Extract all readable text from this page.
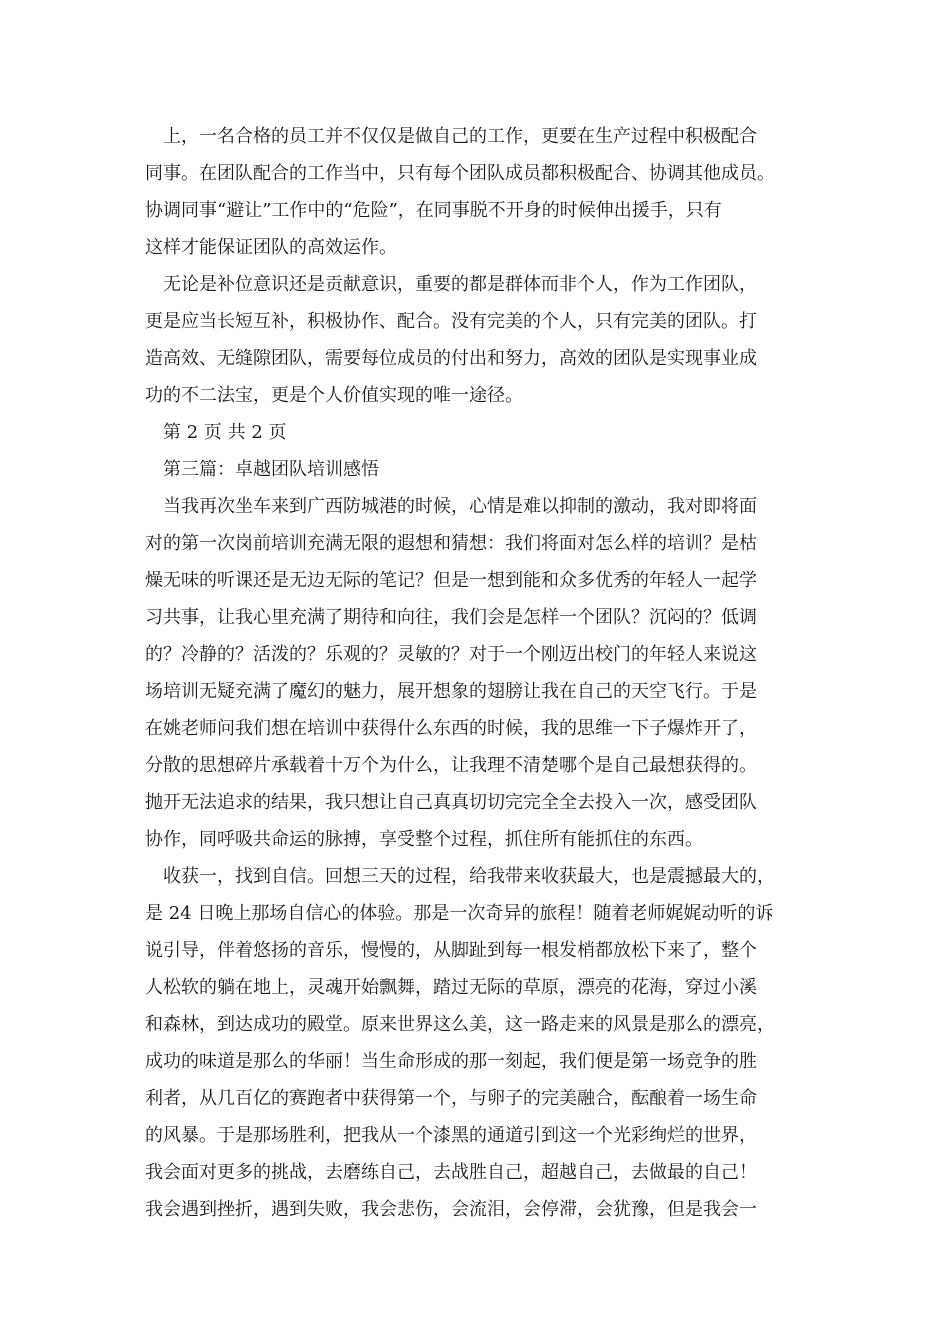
上，一名合格的员工并不仅仅是做自己的工作，更要在生产过程中积极配合
同事。在团队配合的工作当中，只有每个团队成员都积极配合、协调其他成员。
协调同事“避让”工作中的“危险”，在同事脱不开身的时候伸出援手，只有
这样才能保证团队的高效运作。
无论是补位意识还是贡献意识，重要的都是群体而非个人，作为工作团队，
更是应当长短互补，积极协作、配合。没有完美的个人，只有完美的团队。打
造高效、无缝隙团队，需要每位成员的付出和努力，高效的团队是实现事业成
功的不二法宝，更是个人价值实现的唯一途径。
第 2 页 共 2 页
第三篇：卓越团队培训感悟
当我再次坐车来到广西防城港的时候，心情是难以抑制的激动，我对即将面
对的第一次岗前培训充满无限的遐想和猜想：我们将面对怎么样的培训？是枯
燥无味的听课还是无边无际的笔记？但是一想到能和众多优秀的年轻人一起学
习共事，让我心里充满了期待和向往，我们会是怎样一个团队？沉闷的？低调
的？冷静的？活泼的？乐观的？灵敏的？对于一个刚迈出校门的年轻人来说这
场培训无疑充满了魔幻的魅力，展开想象的翅膀让我在自己的天空飞行。于是
在姚老师问我们想在培训中获得什么东西的时候，我的思维一下子爆炸开了，
分散的思想碎片承载着十万个为什么，让我理不清楚哪个是自己最想获得的。
抛开无法追求的结果，我只想让自己真真切切完完全全去投入一次，感受团队
协作，同呼吸共命运的脉搏，享受整个过程，抓住所有能抓住的东西。
收获一，找到自信。回想三天的过程，给我带来收获最大，也是震撼最大的，
是 24 日晚上那场自信心的体验。那是一次奇异的旅程！随着老师娓娓动听的诉
说引导，伴着悠扬的音乐，慢慢的，从脚趾到每一根发梢都放松下来了，整个
人松软的躺在地上，灵魂开始飘舞，踏过无际的草原，漂亮的花海，穿过小溪
和森林，到达成功的殿堂。原来世界这么美，这一路走来的风景是那么的漂亮，
成功的味道是那么的华丽！当生命形成的那一刻起，我们便是第一场竞争的胜
利者，从几百亿的赛跑者中获得第一个，与卵子的完美融合，酝酿着一场生命
的风暴。于是那场胜利，把我从一个漆黑的通道引到这一个光彩绚烂的世界，
我会面对更多的挑战，去磨练自己，去战胜自己，超越自己，去做最的自己！
我会遇到挫折，遇到失败，我会悲伤，会流泪，会停滞，会犹豫，但是我会一
